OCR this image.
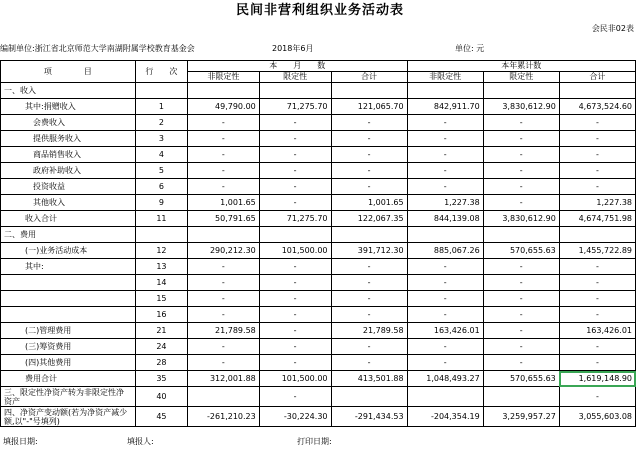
民间非营利组织业务活动表
会民非02表
编制单位:浙江省北京师范大学南湖附属学校教育基金会	2018年6月	单位: 元
项　　　　目	行　　次	本　　月　　数			本年累计数		
		非限定性	限定性	合计	非限定性	限定性	合计
一、收入							
其中:捐赠收入	1	49,790.00	71,275.70	121,065.70	842,911.70	3,830,612.90	4,673,524.60
会费收入	2	-	-	-	-	-	-
提供服务收入	3	-	-	-	-	-	-
商品销售收入	4	-	-	-	-	-	-
政府补助收入	5	-	-	-	-	-	-
投资收益	6	-	-	-	-	-	-
其他收入	9	1,001.65	-	1,001.65	1,227.38	-	1,227.38
收入合计	11	50,791.65	71,275.70	122,067.35	844,139.08	3,830,612.90	4,674,751.98
二、费用							
(一)业务活动成本	12	290,212.30	101,500.00	391,712.30	885,067.26	570,655.63	1,455,722.89
其中:	13	-	-	-	-	-	-
	14	-	-	-	-	-	-
	15	-	-	-	-	-	-
	16	-	-	-	-	-	-
(二)管理费用	21	21,789.58	-	21,789.58	163,426.01	-	163,426.01
(三)筹资费用	24	-	-	-	-	-	-
(四)其他费用	28	-	-	-	-	-	-
费用合计	35	312,001.88	101,500.00	413,501.88	1,048,493.27	570,655.63	1,619,148.90
三、限定性净资产转为非限定性净资产	40		-				-
四、净资产变动额(若为净资产减少额,以"-"号填列)	45	-261,210.23	-30,224.30	-291,434.53	-204,354.19	3,259,957.27	3,055,603.08
填报日期:	填报人:	打印日期:
